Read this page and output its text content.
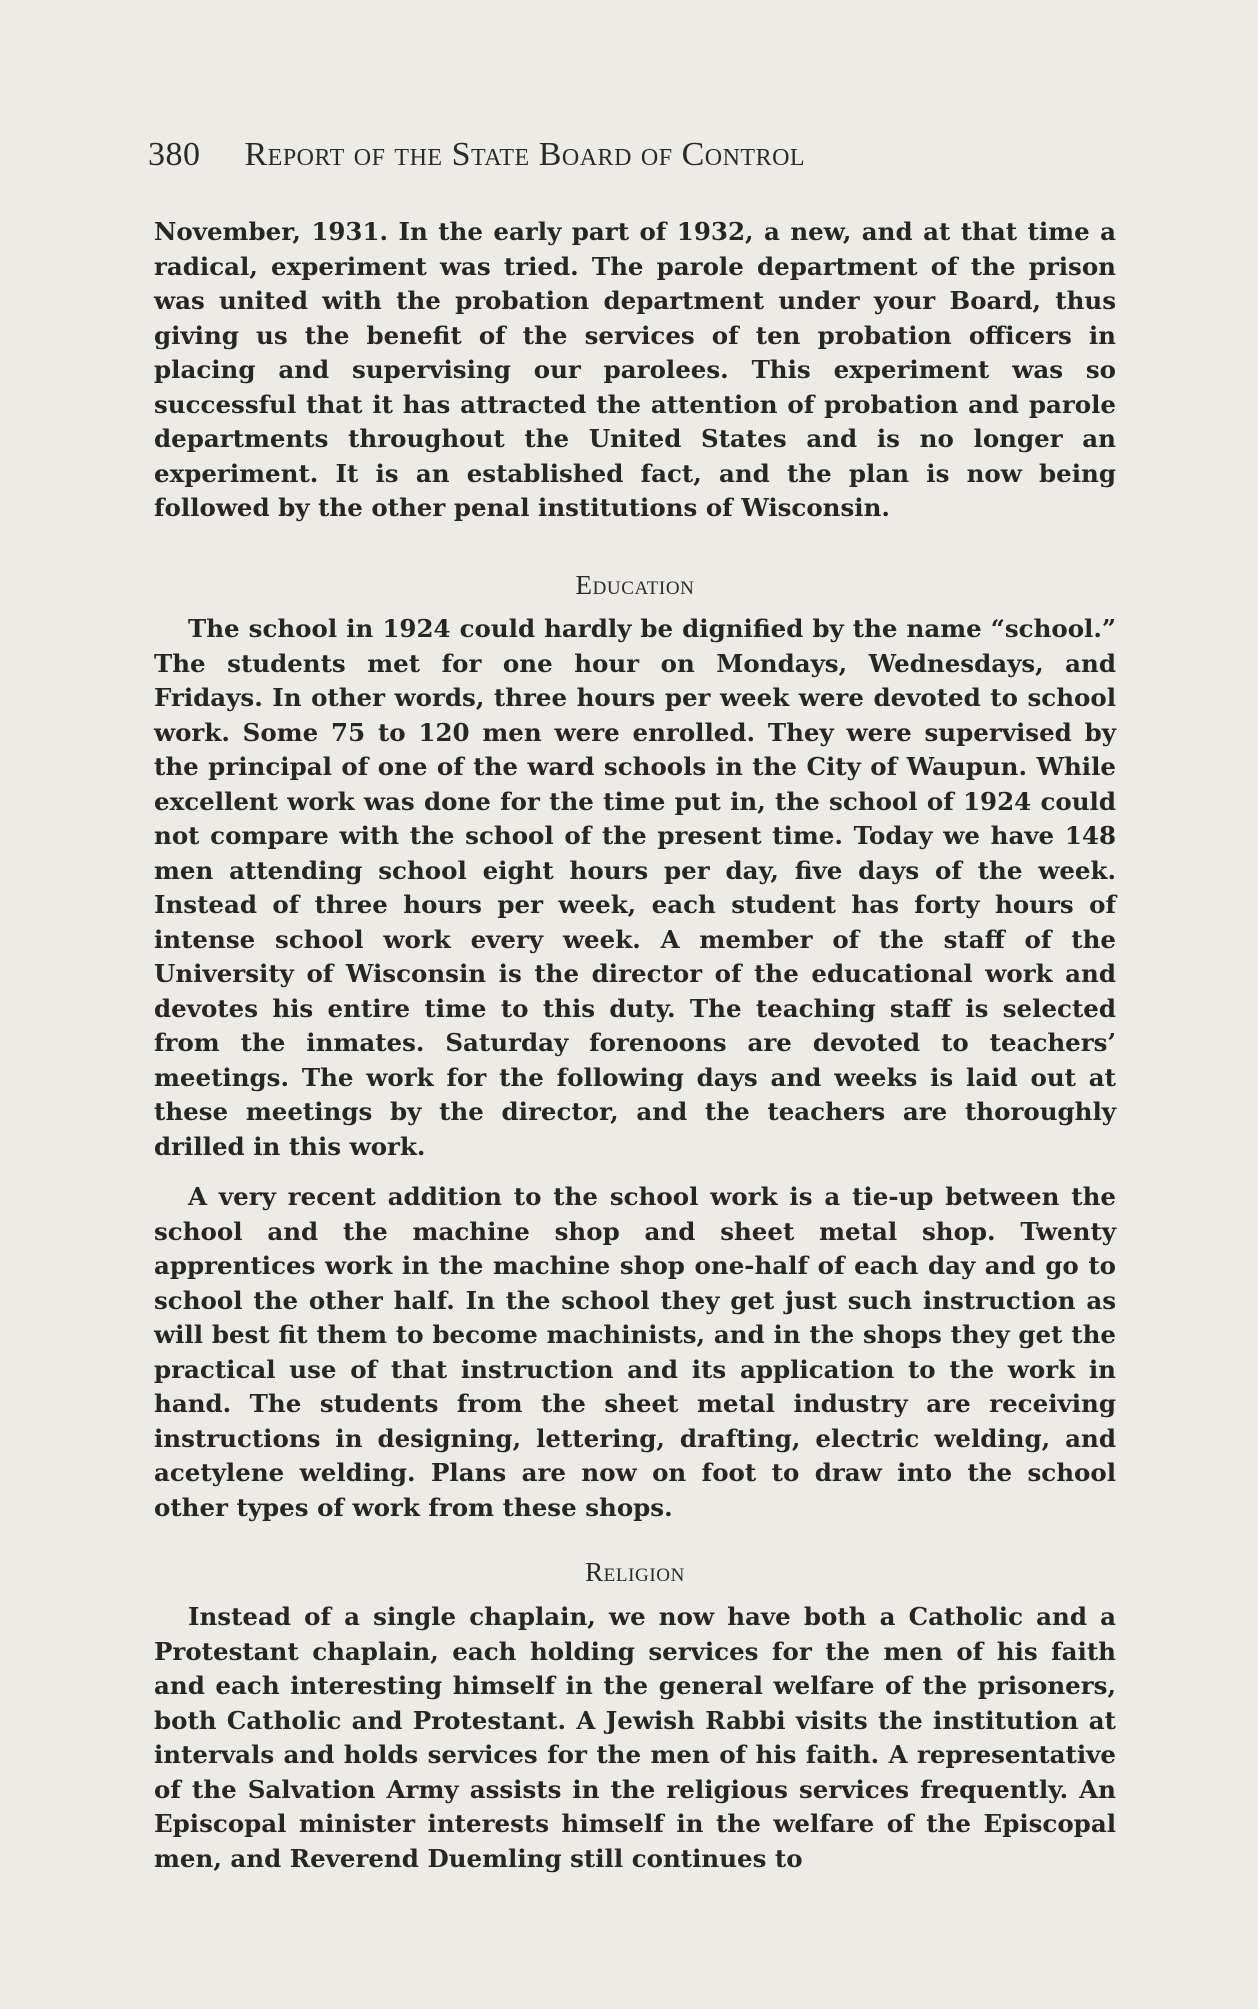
380 Report of the State Board of Control

November, 1931. In the early part of 1932, a new, and at that time a radical, experiment was tried. The parole department of the prison was united with the probation department under your Board, thus giving us the benefit of the services of ten probation officers in placing and supervising our parolees. This experiment was so successful that it has attracted the attention of probation and parole departments throughout the United States and is no longer an experiment. It is an established fact, and the plan is now being followed by the other penal institutions of Wisconsin.

Education

The school in 1924 could hardly be dignified by the name “school.” The students met for one hour on Mondays, Wednesdays, and Fridays. In other words, three hours per week were devoted to school work. Some 75 to 120 men were enrolled. They were supervised by the principal of one of the ward schools in the City of Waupun. While excellent work was done for the time put in, the school of 1924 could not compare with the school of the present time. Today we have 148 men attending school eight hours per day, five days of the week. Instead of three hours per week, each student has forty hours of intense school work every week. A member of the staff of the University of Wisconsin is the director of the educational work and devotes his entire time to this duty. The teaching staff is selected from the inmates. Saturday forenoons are devoted to teachers’ meetings. The work for the following days and weeks is laid out at these meetings by the director, and the teachers are thoroughly drilled in this work.

A very recent addition to the school work is a tie-up between the school and the machine shop and sheet metal shop. Twenty apprentices work in the machine shop one-half of each day and go to school the other half. In the school they get just such instruction as will best fit them to become machinists, and in the shops they get the practical use of that instruction and its application to the work in hand. The students from the sheet metal industry are receiving instructions in designing, lettering, drafting, electric welding, and acetylene welding. Plans are now on foot to draw into the school other types of work from these shops.

Religion

Instead of a single chaplain, we now have both a Catholic and a Protestant chaplain, each holding services for the men of his faith and each interesting himself in the general welfare of the prisoners, both Catholic and Protestant. A Jewish Rabbi visits the institution at intervals and holds services for the men of his faith. A representative of the Salvation Army assists in the religious services frequently. An Episcopal minister interests himself in the welfare of the Episcopal men, and Reverend Duemling still continues to
